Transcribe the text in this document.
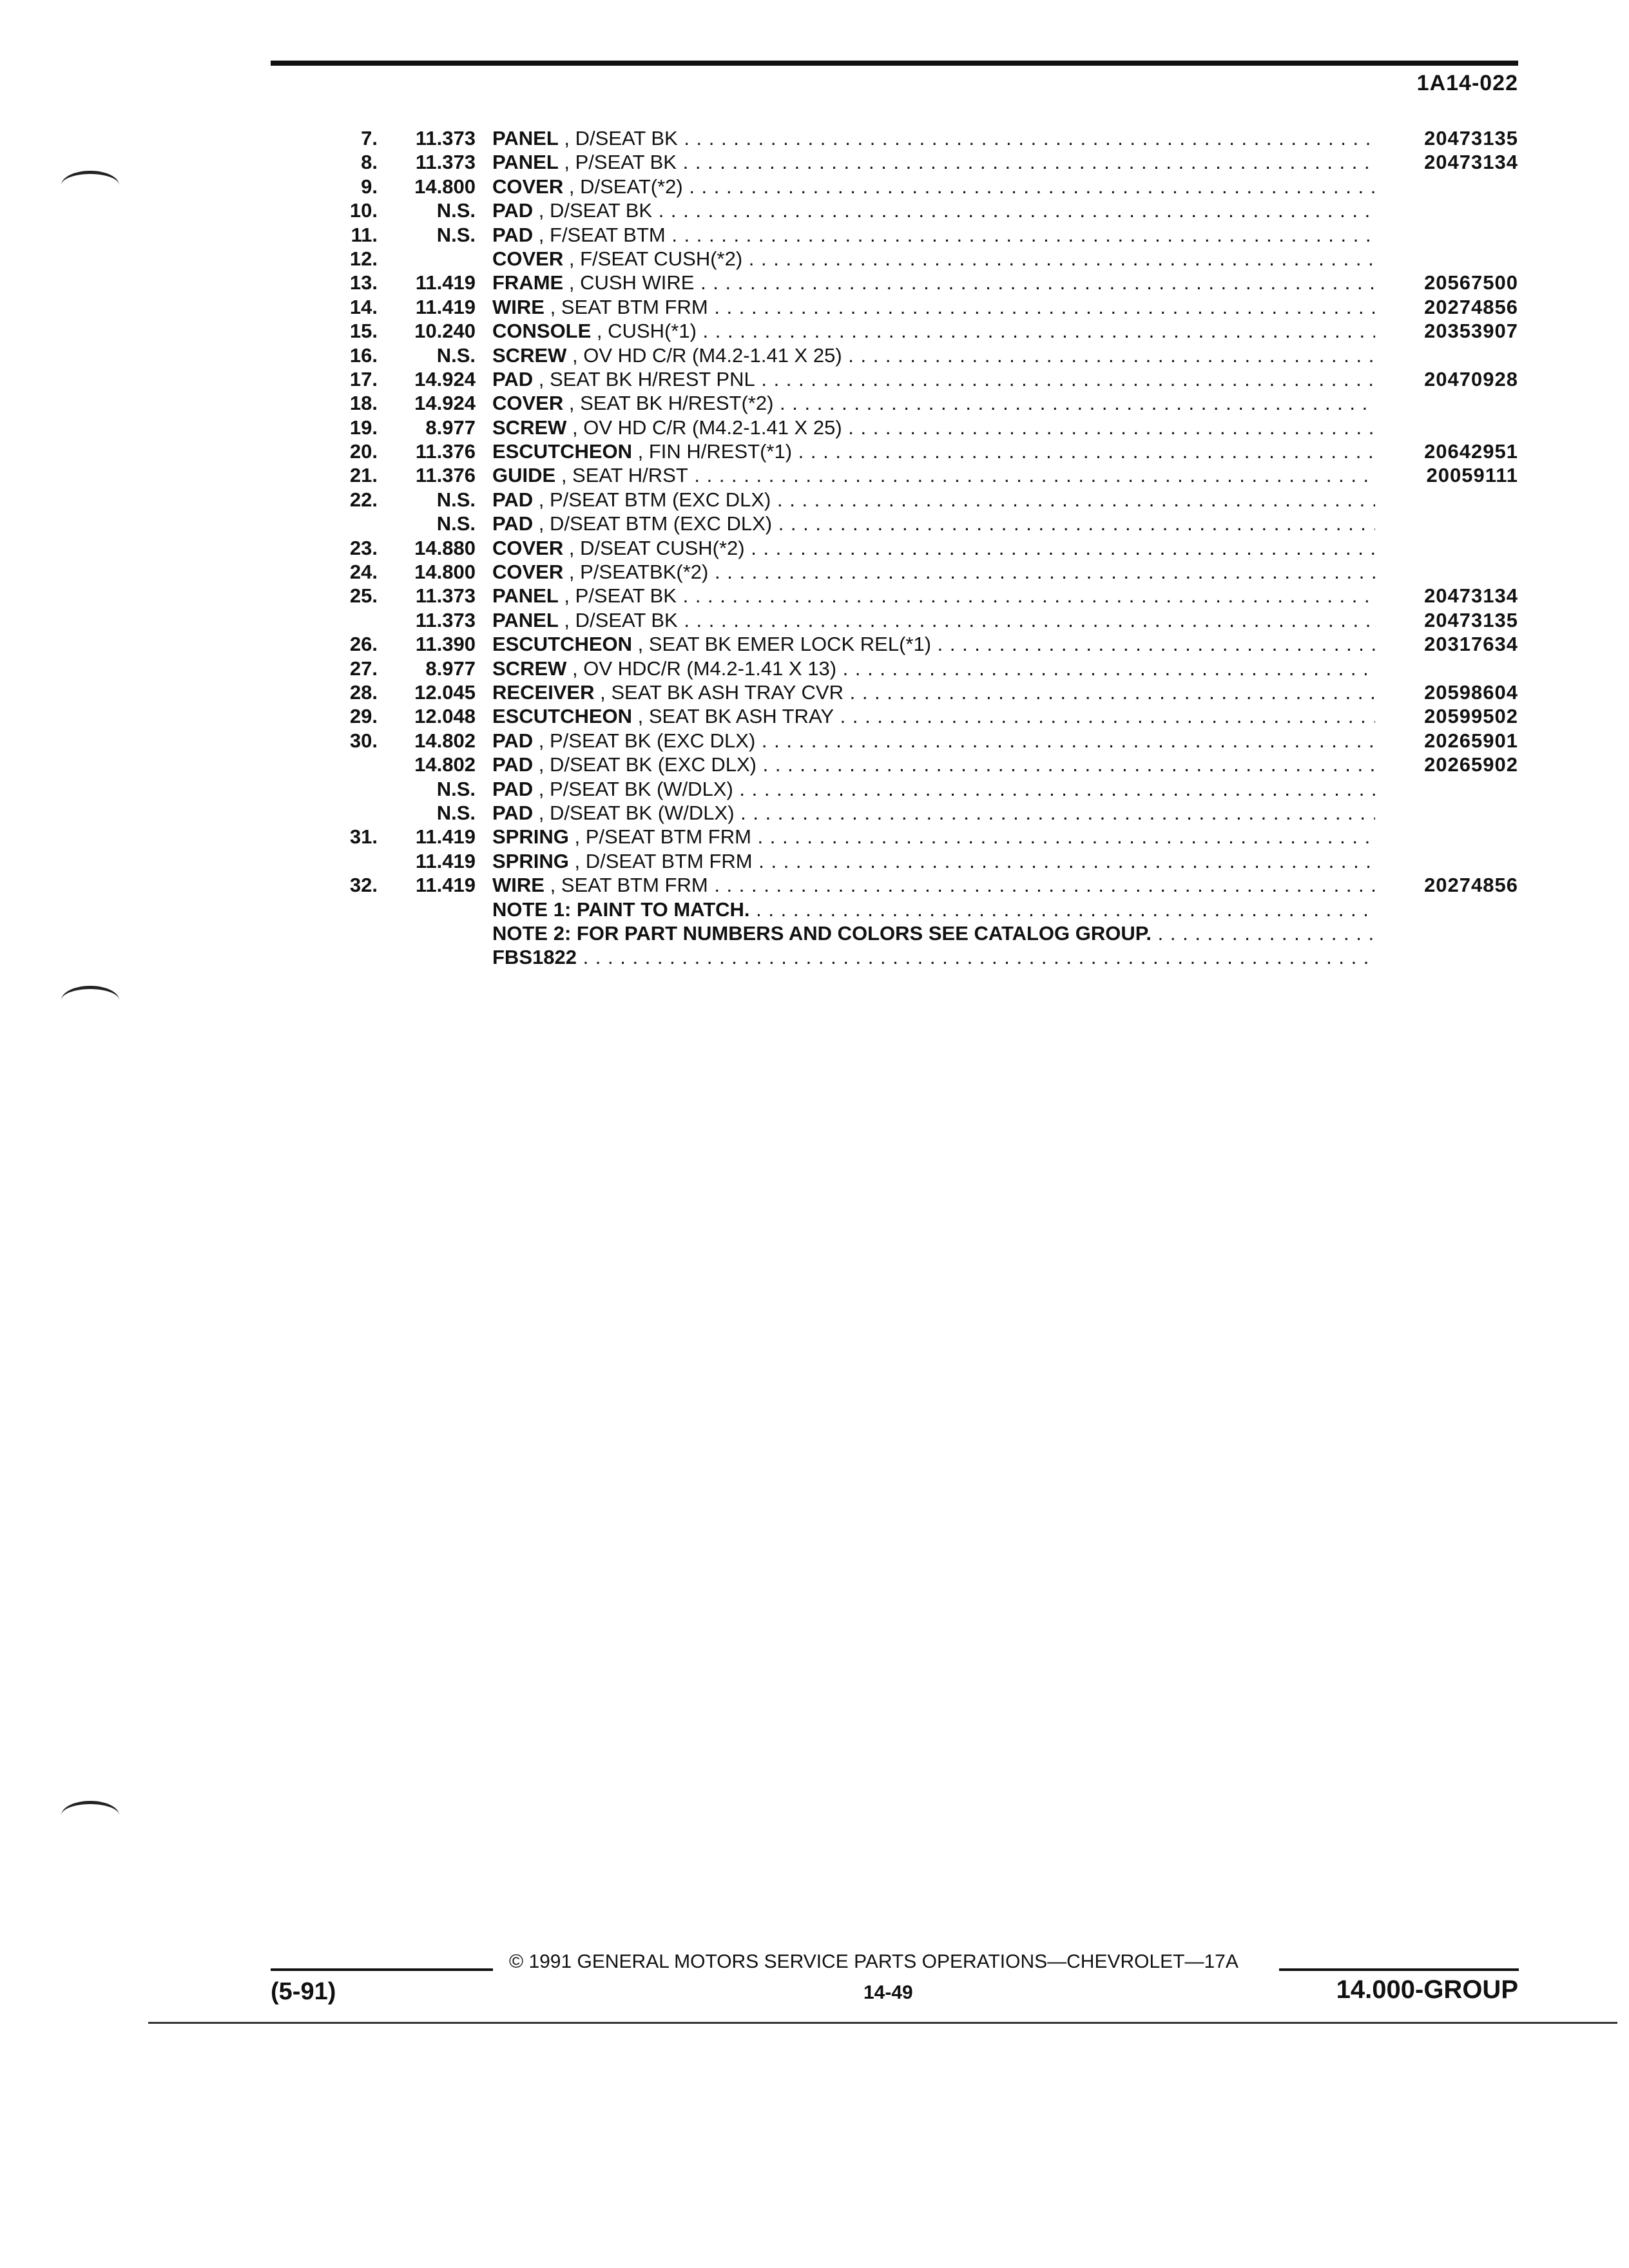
1A14-022
7. 11.373 PANEL , D/SEAT BK . . .	20473135
8. 11.373 PANEL , P/SEAT BK . . .	20473134
9. 14.800 COVER , D/SEAT(*2) . . .
10.	N.S. PAD , D/SEAT BK . . .
11.	N.S. PAD , F/SEAT BTM . . .
12.	COVER , F/SEAT CUSH(*2) . . .
13. 11.419 FRAME , CUSH WIRE . . .	20567500
14. 11.419 WIRE , SEAT BTM FRM . . .	20274856
15. 10.240 CONSOLE , CUSH(*1) . . .	20353907
16.	N.S. SCREW , OV HD C/R (M4.2-1.41 X 25) . . .
17. 14.924 PAD , SEAT BK H/REST PNL . . .	20470928
18. 14.924 COVER , SEAT BK H/REST(*2) . . .
19. 8.977 SCREW , OV HD C/R (M4.2-1.41 X 25) . . .
20. 11.376 ESCUTCHEON , FIN H/REST(*1) . . .	20642951
21. 11.376 GUIDE , SEAT H/RST . . .	20059111
22.	N.S. PAD , P/SEAT BTM (EXC DLX) . . .
N.S. PAD , D/SEAT BTM (EXC DLX) . . .
23. 14.880 COVER , D/SEAT CUSH(*2) . . .
24. 14.800 COVER , P/SEATBK(*2) . . .
25. 11.373 PANEL , P/SEAT BK . . .	20473134
11.373 PANEL , D/SEAT BK . . .	20473135
26. 11.390 ESCUTCHEON , SEAT BK EMER LOCK REL(*1) . . .	20317634
27. 8.977 SCREW , OV HDC/R (M4.2-1.41 X 13) . . .
28. 12.045 RECEIVER , SEAT BK ASH TRAY CVR . . .	20598604
29. 12.048 ESCUTCHEON , SEAT BK ASH TRAY . . .	20599502
30. 14.802 PAD , P/SEAT BK (EXC DLX) . . .	20265901
14.802 PAD , D/SEAT BK (EXC DLX) . . .	20265902
N.S. PAD , P/SEAT BK (W/DLX) . . .
N.S. PAD , D/SEAT BK (W/DLX) . . .
31. 11.419 SPRING , P/SEAT BTM FRM . . .
11.419 SPRING , D/SEAT BTM FRM . . .
32. 11.419 WIRE , SEAT BTM FRM . . .	20274856
NOTE 1: PAINT TO MATCH. . . .
NOTE 2: FOR PART NUMBERS AND COLORS SEE CATALOG GROUP. . . .
FBS1822 . . .
© 1991 GENERAL MOTORS SERVICE PARTS OPERATIONS—CHEVROLET—17A
(5-91)	14-49	14.000-GROUP
